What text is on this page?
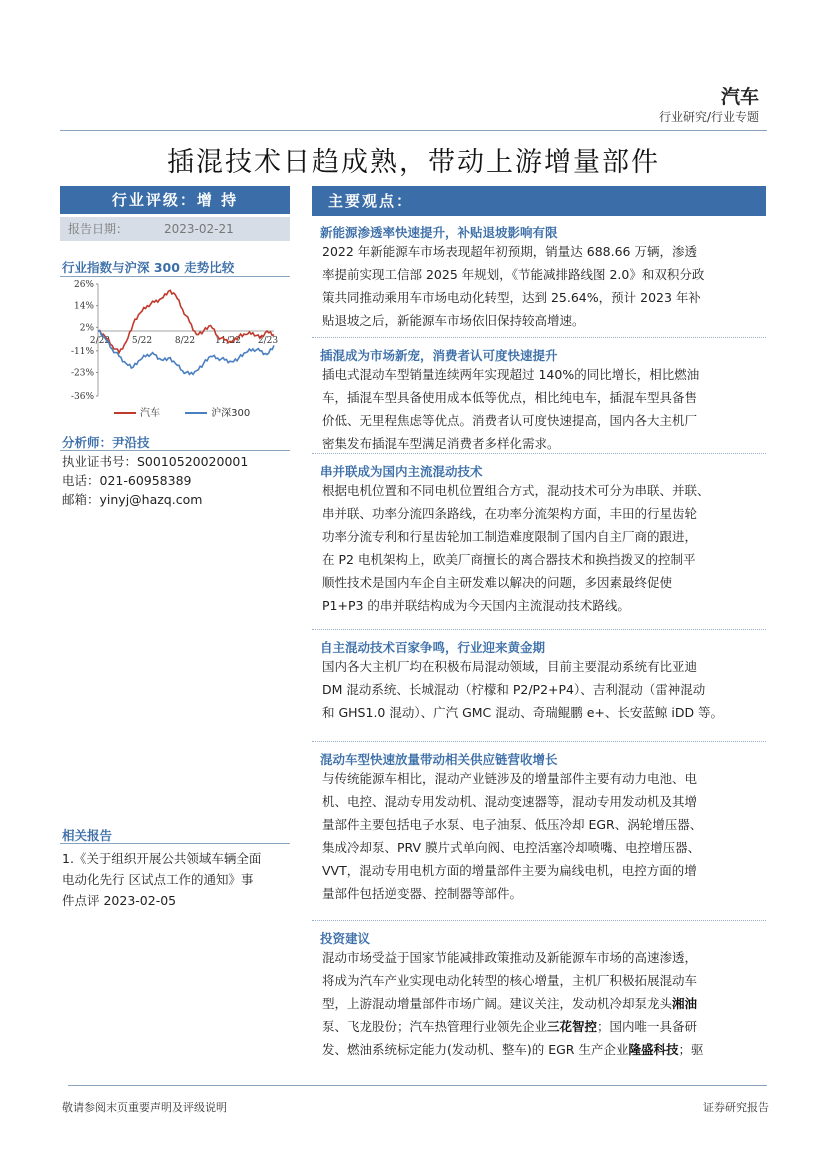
汽车
行业研究/行业专题
插混技术日趋成熟，带动上游增量部件
行业评级：增 持
报告日期：	2023-02-21
行业指数与沪深 300 走势比较
26%
14%
2%
-11%
-23%
-36%
2/22 5/22	8/22 11/22 2/23
汽车	沪深300
分析师：尹沿技
执业证书号：S0010520020001
电话：021-60958389
邮箱：yinyj@hazq.com
相关报告
1.《关于组织开展公共领域车辆全面
电动化先行 区试点工作的通知》事
件点评 2023-02-05
主要观点：
新能源渗透率快速提升，补贴退坡影响有限
2022 年新能源车市场表现超年初预期，销量达 688.66 万辆，渗透
率提前实现工信部 2025 年规划，《节能减排路线图 2.0》和双积分政
策共同推动乘用车市场电动化转型，达到 25.64%，预计 2023 年补
贴退坡之后，新能源车市场依旧保持较高增速。
插混成为市场新宠，消费者认可度快速提升
插电式混动车型销量连续两年实现超过 140%的同比增长，相比燃油
车，插混车型具备使用成本低等优点，相比纯电车，插混车型具备售
价低、无里程焦虑等优点。消费者认可度快速提高，国内各大主机厂
密集发布插混车型满足消费者多样化需求。
串并联成为国内主流混动技术
根据电机位置和不同电机位置组合方式，混动技术可分为串联、并联、
串并联、功率分流四条路线，在功率分流架构方面，丰田的行星齿轮
功率分流专利和行星齿轮加工制造难度限制了国内自主厂商的跟进，
在 P2 电机架构上，欧美厂商擅长的离合器技术和换挡拨叉的控制平
顺性技术是国内车企自主研发难以解决的问题，多因素最终促使
P1+P3 的串并联结构成为今天国内主流混动技术路线。
自主混动技术百家争鸣，行业迎来黄金期
国内各大主机厂均在积极布局混动领域，目前主要混动系统有比亚迪
DM 混动系统、长城混动（柠檬和 P2/P2+P4）、吉利混动（雷神混动
和 GHS1.0 混动）、广汽 GMC 混动、奇瑞鲲鹏 e+、长安蓝鲸 iDD 等。
混动车型快速放量带动相关供应链营收增长
与传统能源车相比，混动产业链涉及的增量部件主要有动力电池、电
机、电控、混动专用发动机、混动变速器等，混动专用发动机及其增
量部件主要包括电子水泵、电子油泵、低压冷却 EGR、涡轮增压器、
集成冷却泵、PRV 膜片式单向阀、电控活塞冷却喷嘴、电控增压器、
VVT，混动专用电机方面的增量部件主要为扁线电机，电控方面的增
量部件包括逆变器、控制器等部件。
投资建议
混动市场受益于国家节能减排政策推动及新能源车市场的高速渗透，
将成为汽车产业实现电动化转型的核心增量，主机厂积极拓展混动车
型，上游混动增量部件市场广阔。建议关注，发动机冷却泵龙头湘油
泵、飞龙股份；汽车热管理行业领先企业三花智控；国内唯一具备研
发、燃油系统标定能力(发动机、整车)的 EGR 生产企业隆盛科技；驱
敬请参阅末页重要声明及评级说明	证券研究报告
